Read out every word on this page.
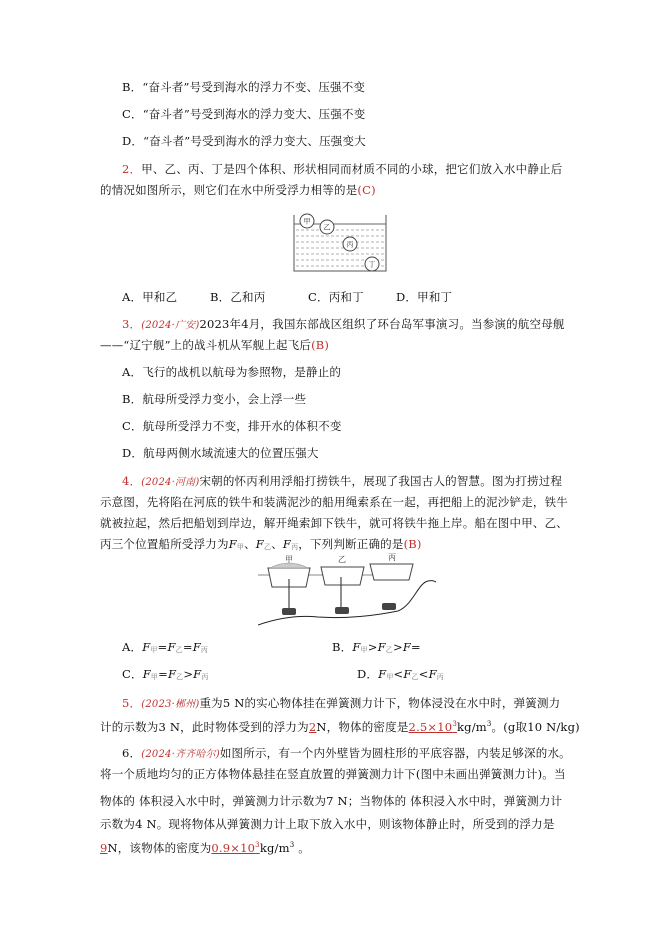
B．“奋斗者”号受到海水的浮力不变、压强不变
C．“奋斗者”号受到海水的浮力变大、压强不变
D．“奋斗者”号受到海水的浮力变大、压强变大
2．甲、乙、丙、丁是四个体积、形状相同而材质不同的小球，把它们放入水中静止后
的情况如图所示，则它们在水中所受浮力相等的是(C)
甲
乙
丙
丁
A．甲和乙	B．乙和丙	C．丙和丁	D．甲和丁
3．(2024·广安)2023年4月，我国东部战区组织了环台岛军事演习。当参演的航空母舰
——“辽宁舰”上的战斗机从军舰上起飞后(B)
A．飞行的战机以航母为参照物，是静止的
B．航母所受浮力变小，会上浮一些
C．航母所受浮力不变，排开水的体积不变
D．航母两侧水域流速大的位置压强大
4．(2024·河南)宋朝的怀丙利用浮船打捞铁牛，展现了我国古人的智慧。图为打捞过程
示意图，先将陷在河底的铁牛和装满泥沙的船用绳索系在一起，再把船上的泥沙铲走，铁牛
就被拉起，然后把船划到岸边，解开绳索卸下铁牛，就可将铁牛拖上岸。船在图中甲、乙、
丙三个位置船所受浮力为F甲、F乙、F丙，下列判断正确的是(B)
甲	乙	丙
A．F甲=F乙=F丙	B．F甲>F乙>F=
C．F甲=F乙>F丙	D．F甲<F乙<F丙
5．(2023·郴州)重为5 N的实心物体挂在弹簧测力计下，物体浸没在水中时，弹簧测力
计的示数为3 N，此时物体受到的浮力为2N，物体的密度是$2.5\times 10^3kg/m^3$。(g取10 N/kg)
6．(2024·齐齐哈尔)如图所示，有一个内外壁皆为圆柱形的平底容器，内装足够深的水。
将一个质地均匀的正方体物体悬挂在竖直放置的弹簧测力计下(图中未画出弹簧测力计)。当
物体的 体积浸入水中时，弹簧测力计示数为7 N；当物体的 体积浸入水中时，弹簧测力计
示数为4 N。现将物体从弹簧测力计上取下放入水中，则该物体静止时，所受到的浮力是
9N，该物体的密度为$0.9\times 10^3kg/m^3$ 。
